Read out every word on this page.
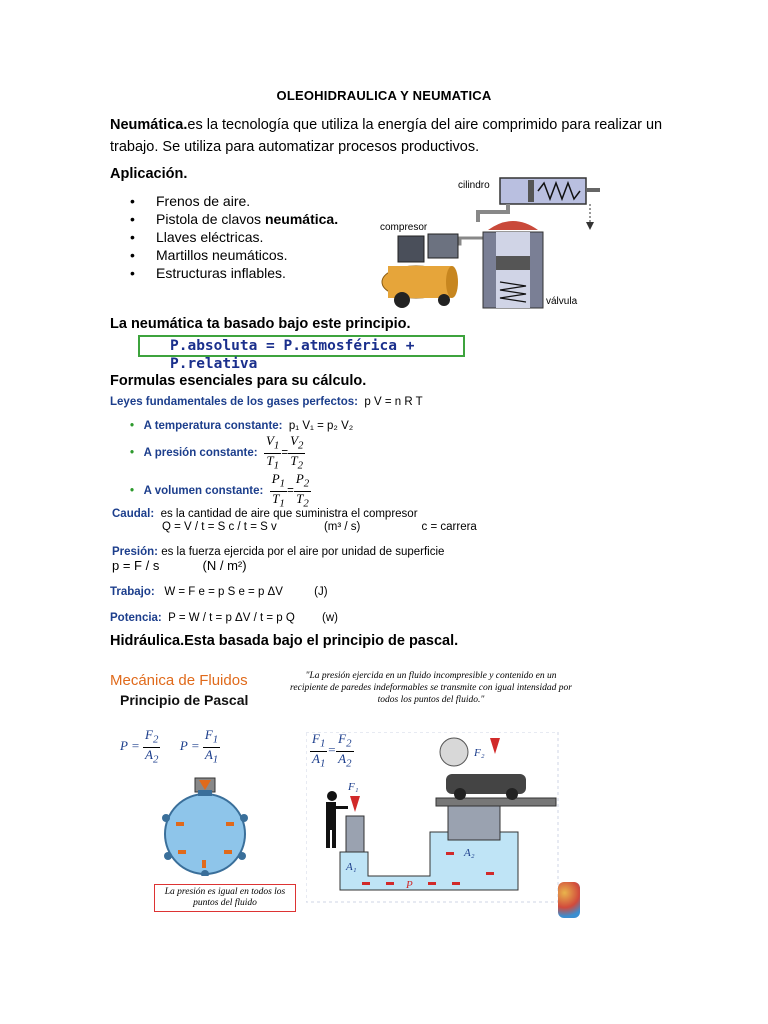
OLEOHIDRAULICA Y NEUMATICA
Neumática.es la tecnología que utiliza la energía del aire comprimido para realizar un trabajo. Se utiliza para automatizar procesos productivos.
Aplicación.
• Frenos de aire.
• Pistola de clavos neumática.
• Llaves eléctricas.
• Martillos neumáticos.
• Estructuras inflables.
cilindro
compresor
válvula
La neumática ta basado bajo este principio.
P.absoluta = P.atmosférica + P.relativa
Formulas esenciales para su cálculo.
Leyes fundamentales de los gases perfectos: p V = n R T
• A temperatura constante: p₁ V₁ = p₂ V₂
• A presión constante: $\frac{V_1}{T_1} = \frac{V_2}{T_2}$
• A volumen constante: $\frac{P_1}{T_1} = \frac{P_2}{T_2}$
Caudal: es la cantidad de aire que suministra el compresor
Q = V / t = S c / t = S v	(m³ / s)	c = carrera
Presión: es la fuerza ejercida por el aire por unidad de superficie
p = F / s	(N / m²)
Trabajo: W = F e = p S e = p ΔV	(J)
Potencia: P = W / t = p ΔV / t = p Q (w)
Hidráulica.Esta basada bajo el principio de pascal.
Mecánica de Fluidos
Principio de Pascal
"La presión ejercida en un fluido incompresible y contenido en un recipiente de paredes indeformables se transmite con igual intensidad por todos los puntos del fluido."
$P = \frac{F_2}{A_2}$ $P = \frac{F_1}{A_1}$	$\frac{F_1}{A_1} = \frac{F_2}{A_2}$
La presión es igual en todos los puntos del fluido
F₁
A₁
A₂
P
F₂
